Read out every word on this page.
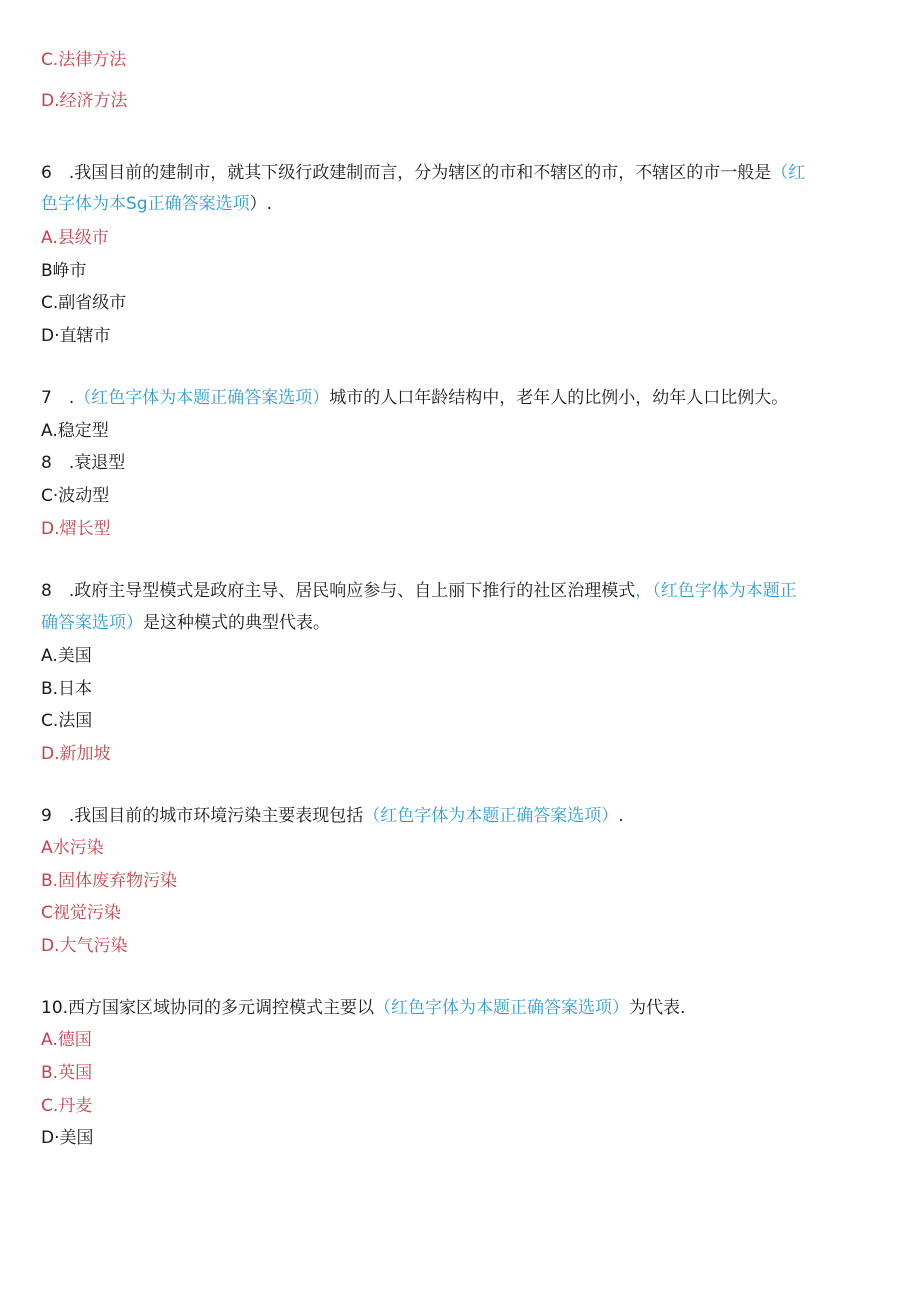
C.法律方法
D.经济方法
6　.我国目前的建制市，就其下级行政建制而言，分为辖区的市和不辖区的市，不辖区的市一般是（红
色字体为本Sg正确答案选项）.
A.县级市
B峥市
C.副省级市
D·直辖市
7　.（红色字体为本题正确答案选项）城市的人口年龄结构中，老年人的比例小，幼年人口比例大。
A.稳定型
8　.衰退型
C·波动型
D.熠长型
8　.政府主导型模式是政府主导、居民响应参与、自上丽下推行的社区治理模式，（红色字体为本题正
确答案选项）是这种模式的典型代表。
A.美国
B.日本
C.法国
D.新加坡
9　.我国目前的城市环境污染主要表现包括（红色字体为本题正确答案选项）.
A水污染
B.固体废弃物污染
C视觉污染
D.大气污染
10.西方国家区域协同的多元调控模式主要以（红色字体为本题正确答案选项）为代表.
A.德国
B.英国
C.丹麦
D·美国
